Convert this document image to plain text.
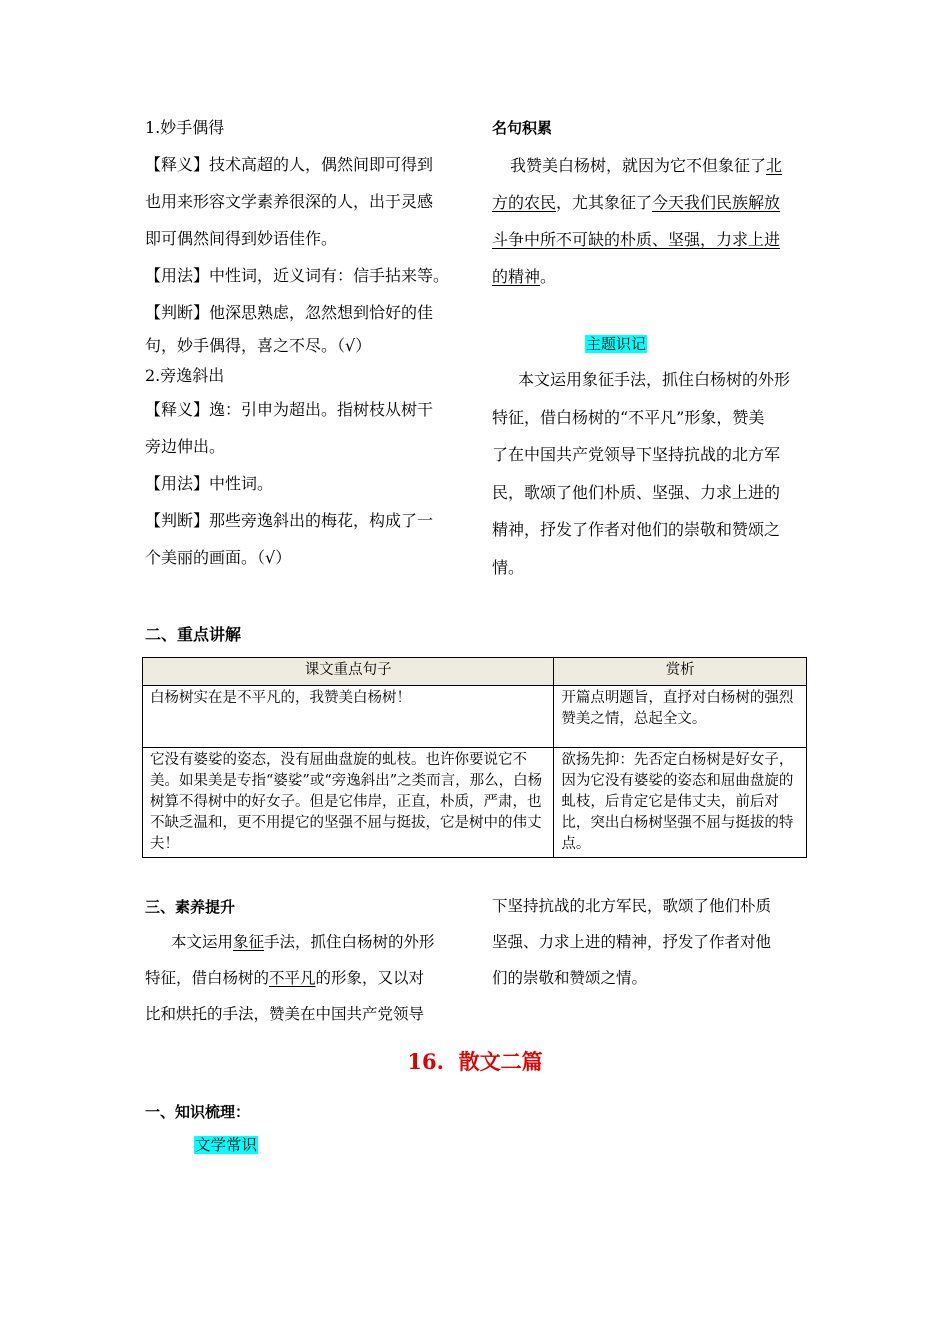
1.妙手偶得

【释义】技术高超的人，偶然间即可得到

也用来形容文学素养很深的人，出于灵感

即可偶然间得到妙语佳作。

【用法】中性词，近义词有：信手拈来等。

【判断】他深思熟虑，忽然想到恰好的佳

句，妙手偶得，喜之不尽。（√）

2.旁逸斜出

【释义】逸：引申为超出。指树枝从树干

旁边伸出。

【用法】中性词。

【判断】那些旁逸斜出的梅花，构成了一

个美丽的画面。（√）

名句积累

我赞美白杨树，就因为它不但象征了北

方的农民，尤其象征了今天我们民族解放

斗争中所不可缺的朴质、坚强，力求上进

的精神。

主题识记

本文运用象征手法，抓住白杨树的外形

特征，借白杨树的“不平凡”形象，赞美

了在中国共产党领导下坚持抗战的北方军

民，歌颂了他们朴质、坚强、力求上进的

精神，抒发了作者对他们的崇敬和赞颂之

情。

二、重点讲解
课文重点句子	赏析
白杨树实在是不平凡的，我赞美白杨树！	开篇点明题旨，直抒对白杨树的强烈赞美之情，总起全文。
它没有婆娑的姿态，没有屈曲盘旋的虬枝。也许你要说它不美。如果美是专指“婆娑”或“旁逸斜出”之类而言，那么，白杨树算不得树中的好女子。但是它伟岸，正直，朴质，严肃，也不缺乏温和，更不用提它的坚强不屈与挺拔，它是树中的伟丈夫！	欲扬先抑：先否定白杨树是好女子，因为它没有婆娑的姿态和屈曲盘旋的虬枝，后肯定它是伟丈夫，前后对比，突出白杨树坚强不屈与挺拔的特点。
三、素养提升

本文运用象征手法，抓住白杨树的外形

特征，借白杨树的不平凡的形象，又以对

比和烘托的手法，赞美在中国共产党领导

下坚持抗战的北方军民，歌颂了他们朴质

坚强、力求上进的精神，抒发了作者对他

们的崇敬和赞颂之情。

16.  散文二篇
一、知识梳理：
文学常识
